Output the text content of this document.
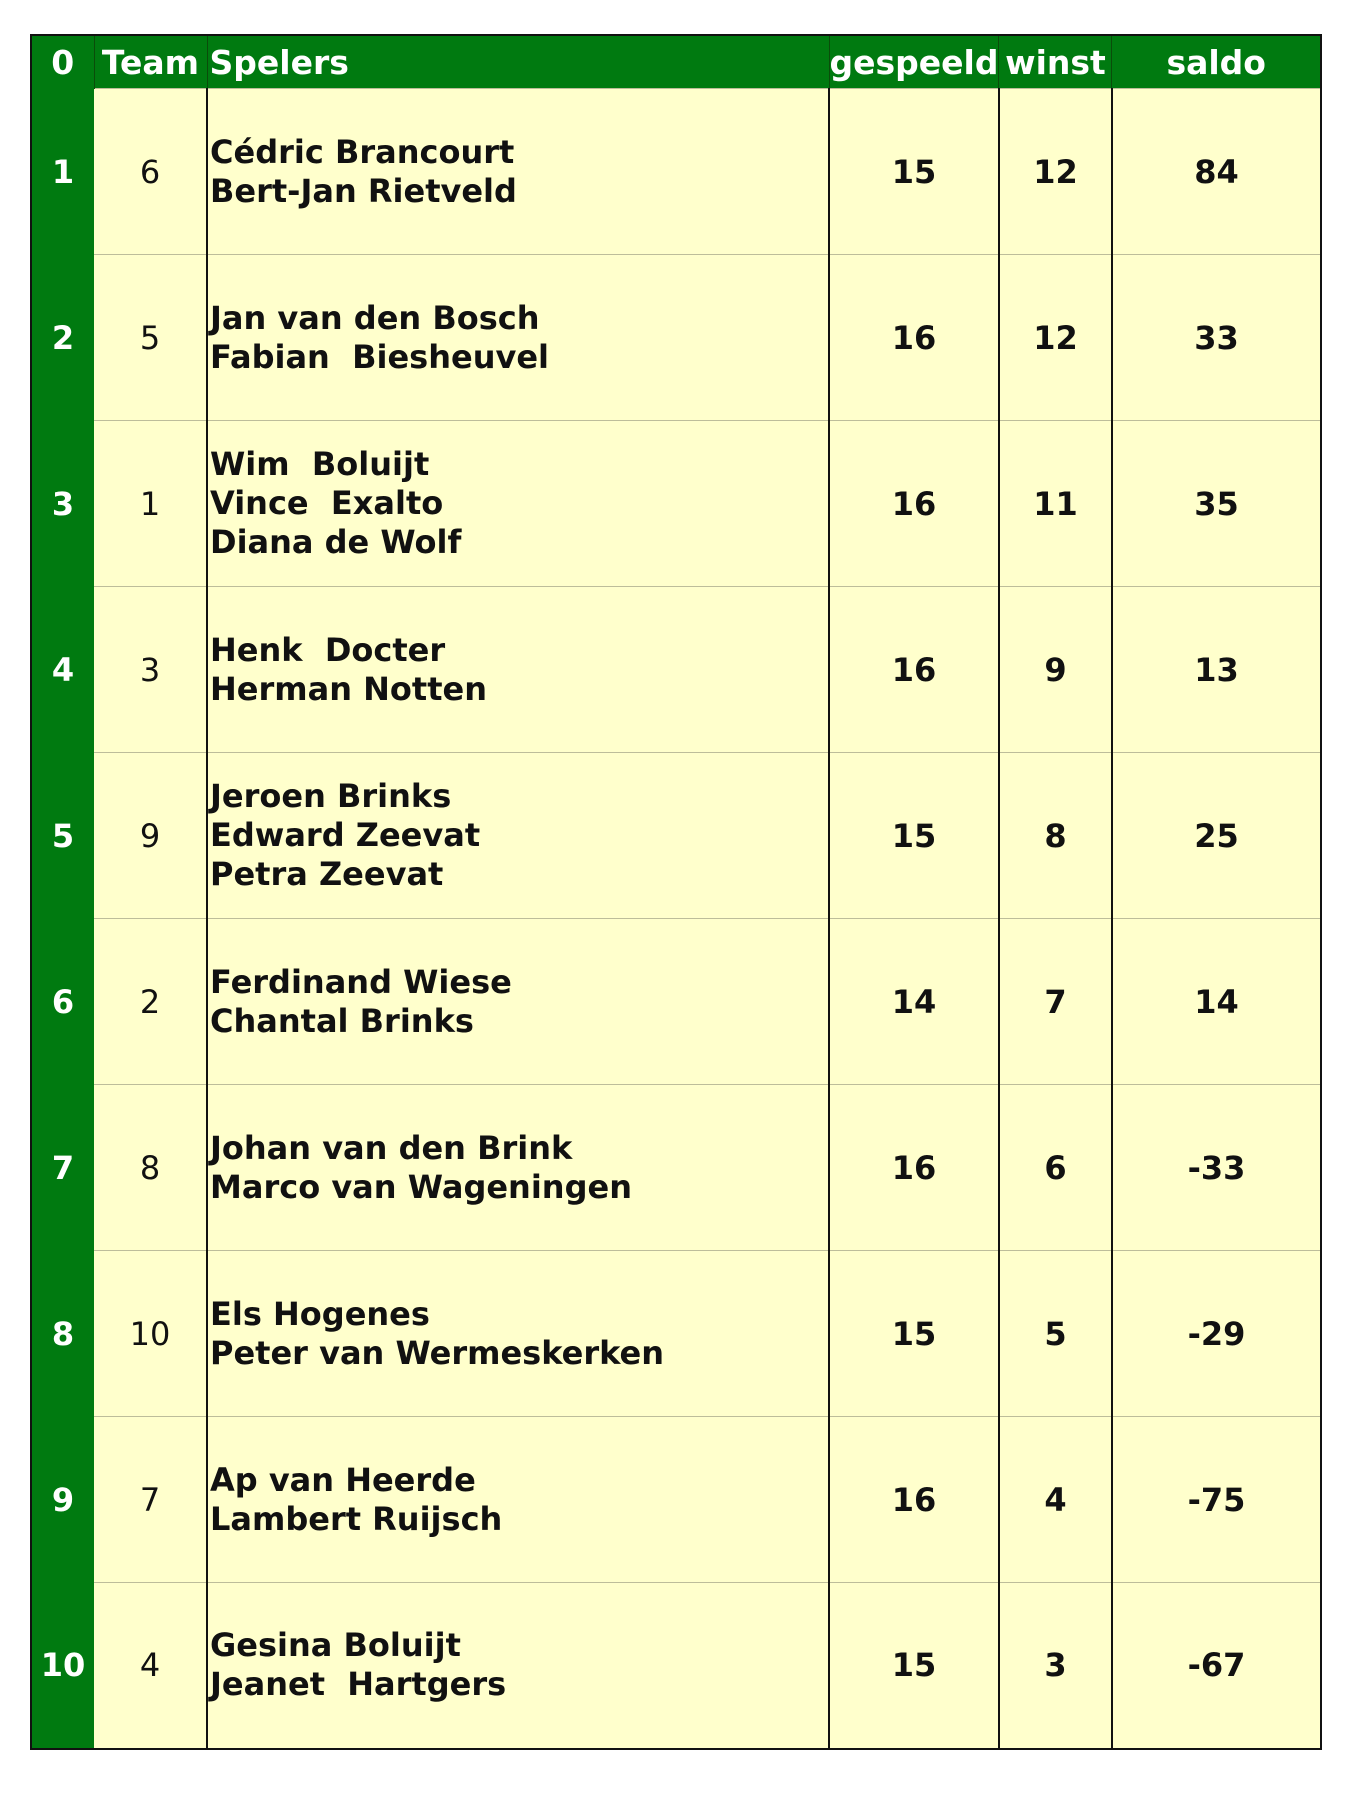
0	Team	Spelers	gespeeld	winst	saldo
1	6	Cédric Brancourt
Bert-Jan Rietveld	15	12	84
2	5	Jan van den Bosch
Fabian  Biesheuvel	16	12	33
3	1	Wim  Boluijt
Vince  Exalto
Diana de Wolf	16	11	35
4	3	Henk  Docter
Herman Notten	16	9	13
5	9	Jeroen Brinks
Edward Zeevat
Petra Zeevat	15	8	25
6	2	Ferdinand Wiese
Chantal Brinks	14	7	14
7	8	Johan van den Brink
Marco van Wageningen	16	6	-33
8	10	Els Hogenes
Peter van Wermeskerken	15	5	-29
9	7	Ap van Heerde
Lambert Ruijsch	16	4	-75
10	4	Gesina Boluijt
Jeanet  Hartgers	15	3	-67
